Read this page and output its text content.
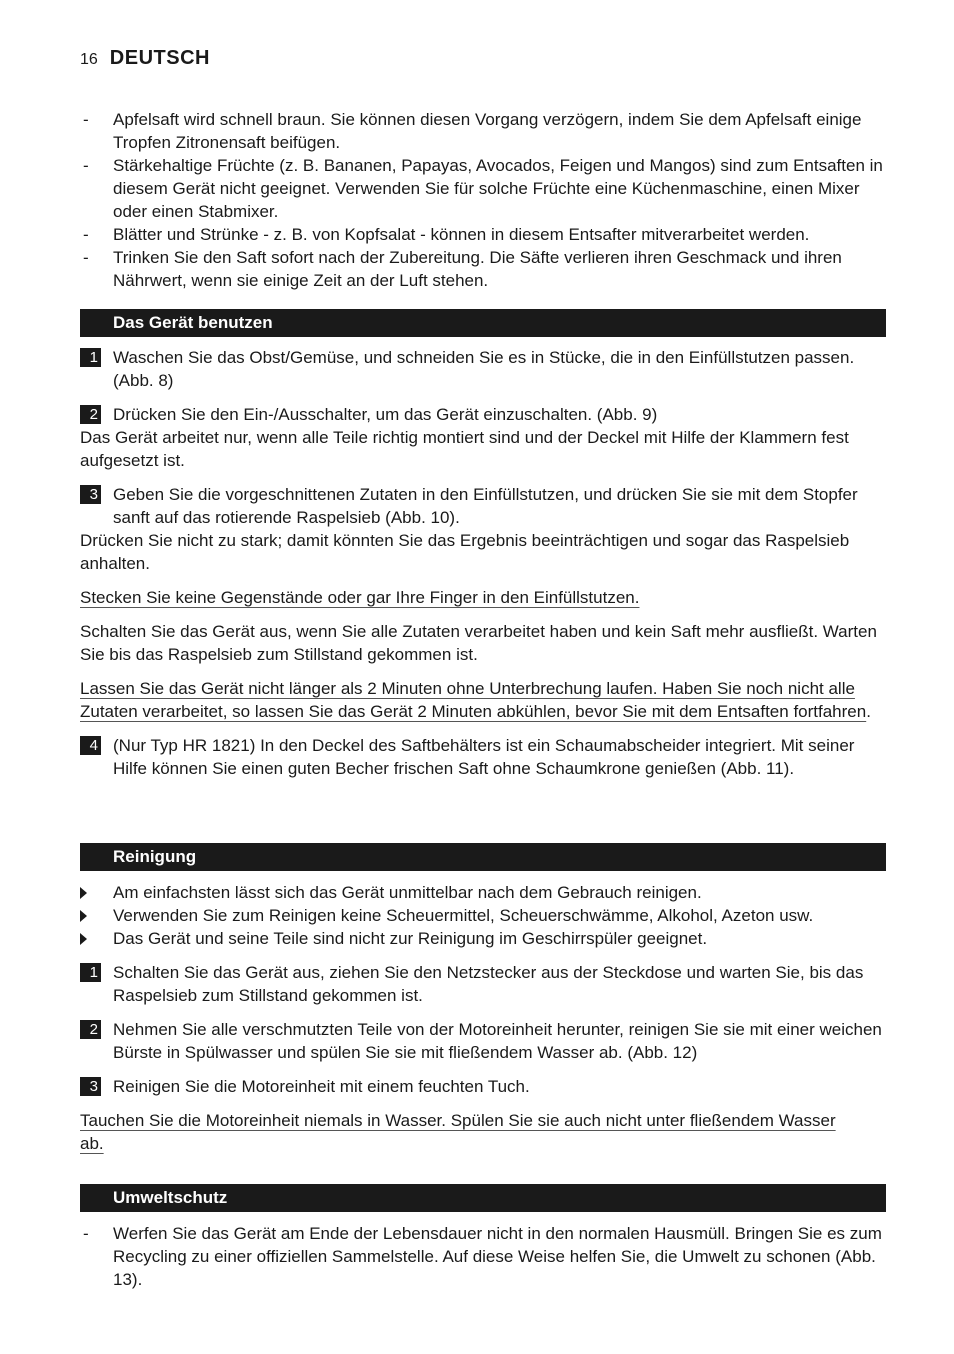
16 DEUTSCH
- Apfelsaft wird schnell braun. Sie können diesen Vorgang verzögern, indem Sie dem Apfelsaft einige Tropfen Zitronensaft beifügen.
- Stärkehaltige Früchte (z. B. Bananen, Papayas, Avocados, Feigen und Mangos) sind zum Entsaften in diesem Gerät nicht geeignet. Verwenden Sie für solche Früchte eine Küchenmaschine, einen Mixer oder einen Stabmixer.
- Blätter und Strünke - z. B. von Kopfsalat - können in diesem Entsafter mitverarbeitet werden.
- Trinken Sie den Saft sofort nach der Zubereitung. Die Säfte verlieren ihren Geschmack und ihren Nährwert, wenn sie einige Zeit an der Luft stehen.
Das Gerät benutzen
1 Waschen Sie das Obst/Gemüse, und schneiden Sie es in Stücke, die in den Einfüllstutzen passen. (Abb. 8)
2 Drücken Sie den Ein-/Ausschalter, um das Gerät einzuschalten. (Abb. 9)
Das Gerät arbeitet nur, wenn alle Teile richtig montiert sind und der Deckel mit Hilfe der Klammern fest aufgesetzt ist.
3 Geben Sie die vorgeschnittenen Zutaten in den Einfüllstutzen, und drücken Sie sie mit dem Stopfer sanft auf das rotierende Raspelsieb (Abb. 10).
Drücken Sie nicht zu stark; damit könnten Sie das Ergebnis beeinträchtigen und sogar das Raspelsieb anhalten.
Stecken Sie keine Gegenstände oder gar Ihre Finger in den Einfüllstutzen.
Schalten Sie das Gerät aus, wenn Sie alle Zutaten verarbeitet haben und kein Saft mehr ausfließt. Warten Sie bis das Raspelsieb zum Stillstand gekommen ist.
Lassen Sie das Gerät nicht länger als 2 Minuten ohne Unterbrechung laufen. Haben Sie noch nicht alle Zutaten verarbeitet, so lassen Sie das Gerät 2 Minuten abkühlen, bevor Sie mit dem Entsaften fortfahren.
4 (Nur Typ HR 1821) In den Deckel des Saftbehälters ist ein Schaumabscheider integriert. Mit seiner Hilfe können Sie einen guten Becher frischen Saft ohne Schaumkrone genießen (Abb. 11).
Reinigung
Am einfachsten lässt sich das Gerät unmittelbar nach dem Gebrauch reinigen.
Verwenden Sie zum Reinigen keine Scheuermittel, Scheuerschwämme, Alkohol, Azeton usw.
Das Gerät und seine Teile sind nicht zur Reinigung im Geschirrspüler geeignet.
1 Schalten Sie das Gerät aus, ziehen Sie den Netzstecker aus der Steckdose und warten Sie, bis das Raspelsieb zum Stillstand gekommen ist.
2 Nehmen Sie alle verschmutzten Teile von der Motoreinheit herunter, reinigen Sie sie mit einer weichen Bürste in Spülwasser und spülen Sie sie mit fließendem Wasser ab. (Abb. 12)
3 Reinigen Sie die Motoreinheit mit einem feuchten Tuch.
Tauchen Sie die Motoreinheit niemals in Wasser. Spülen Sie sie auch nicht unter fließendem Wasser ab.
Umweltschutz
- Werfen Sie das Gerät am Ende der Lebensdauer nicht in den normalen Hausmüll. Bringen Sie es zum Recycling zu einer offiziellen Sammelstelle. Auf diese Weise helfen Sie, die Umwelt zu schonen (Abb. 13).
